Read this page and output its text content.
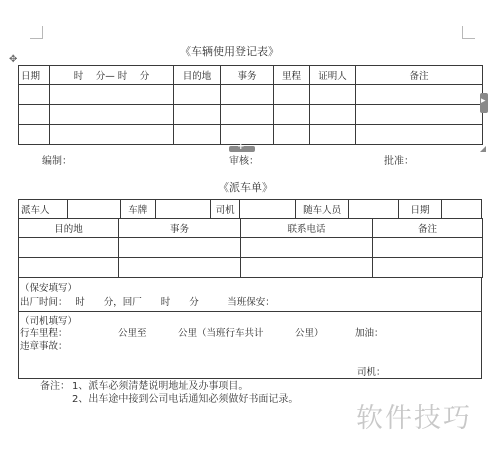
✥
《车辆使用登记表》
日期	时　 分— 时　 分	目的地	事务	里程	证明人	备注

▸
+
编制：	审核：	批准：
《派车单》
派车人		车牌		司机		随车人员		日期	
目的地	事务	联系电话	备注

（保安填写）
出厂时间：　 时　　分，回厂　　时　　分　　　当班保安：
（司机填写）
行车里程：	公里至	公里（当班行车共计	公里）	加油：
违章事故：
司机：
备注： 1、派车必须清楚说明地址及办事项目。
2、出车途中接到公司电话通知必须做好书面记录。
软件技巧
